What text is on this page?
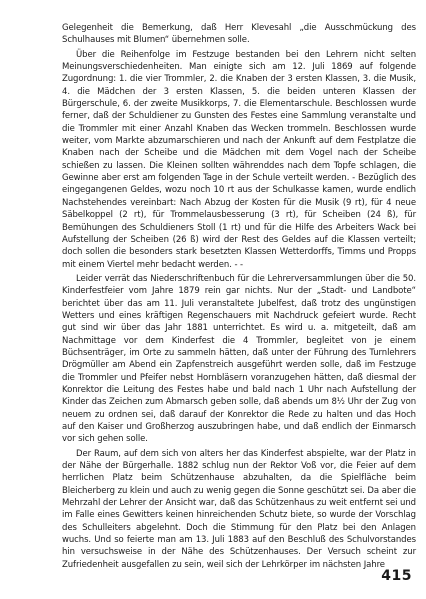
Gelegenheit die Bemerkung, daß Herr Klevesahl „die Ausschmückung des Schulhauses mit Blumen“ übernehmen solle.

Über die Reihenfolge im Festzuge bestanden bei den Lehrern nicht selten Meinungsverschiedenheiten. Man einigte sich am 12. Juli 1869 auf folgende Zugordnung: 1. die vier Trommler, 2. die Knaben der 3 ersten Klassen, 3. die Musik, 4. die Mädchen der 3 ersten Klassen, 5. die beiden unteren Klassen der Bürgerschule, 6. der zweite Musikkorps, 7. die Elementarschule. Beschlossen wurde ferner, daß der Schuldiener zu Gunsten des Festes eine Sammlung veranstalte und die Trommler mit einer Anzahl Knaben das Wecken trommeln. Beschlossen wurde weiter, vom Markte abzumarschieren und nach der Ankunft auf dem Festplatze die Knaben nach der Scheibe und die Mädchen mit dem Vogel nach der Scheibe schießen zu lassen. Die Kleinen sollten währenddes nach dem Topfe schlagen, die Gewinne aber erst am folgenden Tage in der Schule verteilt werden. - Bezüglich des eingegangenen Geldes, wozu noch 10 rt aus der Schulkasse kamen, wurde endlich Nachstehendes vereinbart: Nach Abzug der Kosten für die Musik (9 rt), für 4 neue Säbelkoppel (2 rt), für Trommelausbesserung (3 rt), für Scheiben (24 ß), für Bemühungen des Schuldieners Stoll (1 rt) und für die Hilfe des Arbeiters Wack bei Aufstellung der Scheiben (26 ß) wird der Rest des Geldes auf die Klassen verteilt; doch sollen die besonders stark besetzten Klassen Wetterdorffs, Timms und Propps mit einem Viertel mehr bedacht werden. - -

Leider verrät das Niederschriftenbuch für die Lehrerversammlungen über die 50. Kinderfestfeier vom Jahre 1879 rein gar nichts. Nur der „Stadt- und Landbote“ berichtet über das am 11. Juli veranstaltete Jubelfest, daß trotz des ungünstigen Wetters und eines kräftigen Regenschauers mit Nachdruck gefeiert wurde. Recht gut sind wir über das Jahr 1881 unterrichtet. Es wird u. a. mitgeteilt, daß am Nachmittage vor dem Kinderfest die 4 Trommler, begleitet von je einem Büchsenträger, im Orte zu sammeln hätten, daß unter der Führung des Turnlehrers Drögmüller am Abend ein Zapfenstreich ausgeführt werden solle, daß im Festzuge die Trommler und Pfeifer nebst Hornbläsern voranzugehen hätten, daß diesmal der Konrektor die Leitung des Festes habe und bald nach 1 Uhr nach Aufstellung der Kinder das Zeichen zum Abmarsch geben solle, daß abends um 8½ Uhr der Zug von neuem zu ordnen sei, daß darauf der Konrektor die Rede zu halten und das Hoch auf den Kaiser und Großherzog auszubringen habe, und daß endlich der Einmarsch vor sich gehen solle.

Der Raum, auf dem sich von alters her das Kinderfest abspielte, war der Platz in der Nähe der Bürgerhalle. 1882 schlug nun der Rektor Voß vor, die Feier auf dem herrlichen Platz beim Schützenhause abzuhalten, da die Spielfläche beim Bleicherberg zu klein und auch zu wenig gegen die Sonne geschützt sei. Da aber die Mehrzahl der Lehrer der Ansicht war, daß das Schützenhaus zu weit entfernt sei und im Falle eines Gewitters keinen hinreichenden Schutz biete, so wurde der Vorschlag des Schulleiters abgelehnt. Doch die Stimmung für den Platz bei den Anlagen wuchs. Und so feierte man am 13. Juli 1883 auf den Beschluß des Schulvorstandes hin versuchsweise in der Nähe des Schützenhauses. Der Versuch scheint zur Zufriedenheit ausgefallen zu sein, weil sich der Lehrkörper im nächsten Jahre

415
